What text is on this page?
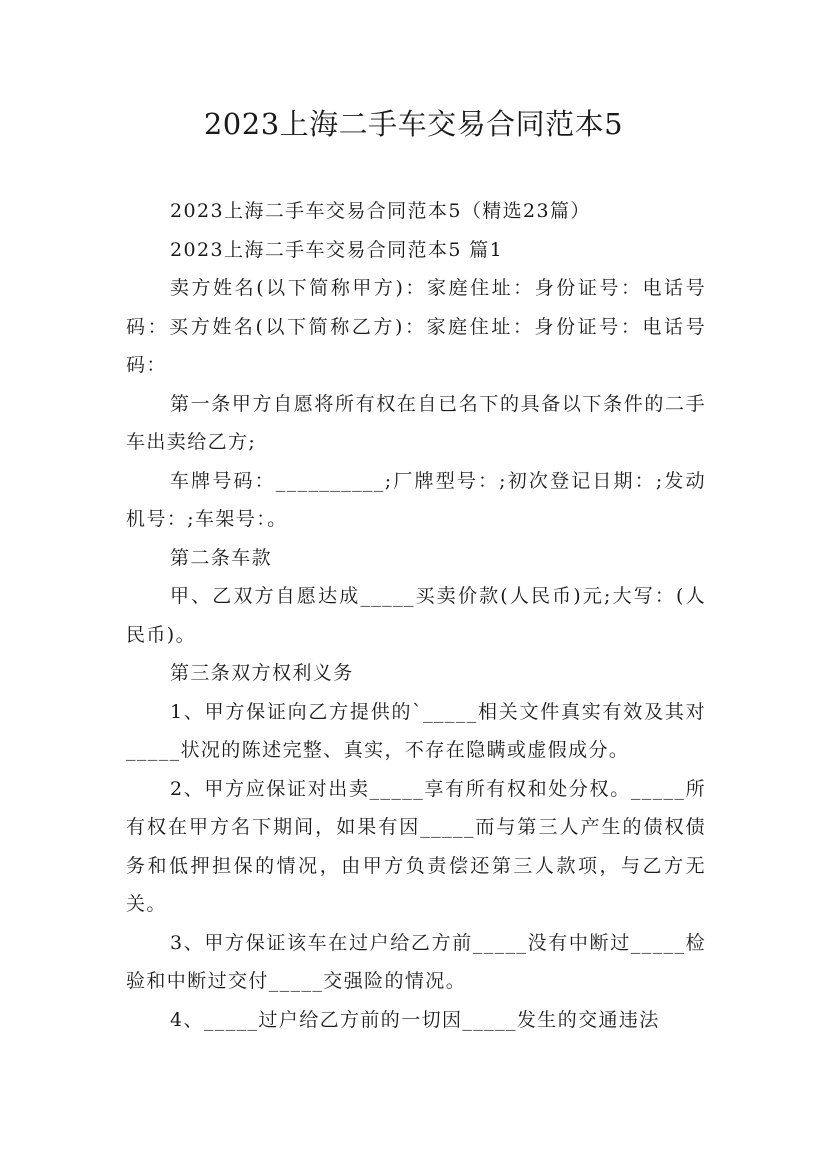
2023上海二手车交易合同范本5

2023上海二手车交易合同范本5（精选23篇）

2023上海二手车交易合同范本5 篇1

卖方姓名(以下简称甲方)：家庭住址：身份证号：电话号码：买方姓名(以下简称乙方)：家庭住址：身份证号：电话号码：

第一条甲方自愿将所有权在自已名下的具备以下条件的二手车出卖给乙方;

车牌号码：__________;厂牌型号：;初次登记日期：;发动机号：;车架号：。

第二条车款

甲、乙双方自愿达成_____买卖价款(人民币)元;大写：(人民币)。

第三条双方权利义务

1、甲方保证向乙方提供的`_____相关文件真实有效及其对_____状况的陈述完整、真实，不存在隐瞒或虚假成分。

2、甲方应保证对出卖_____享有所有权和处分权。_____所有权在甲方名下期间，如果有因_____而与第三人产生的债权债务和低押担保的情况，由甲方负责偿还第三人款项，与乙方无关。

3、甲方保证该车在过户给乙方前_____没有中断过_____检验和中断过交付_____交强险的情况。

4、_____过户给乙方前的一切因_____发生的交通违法
